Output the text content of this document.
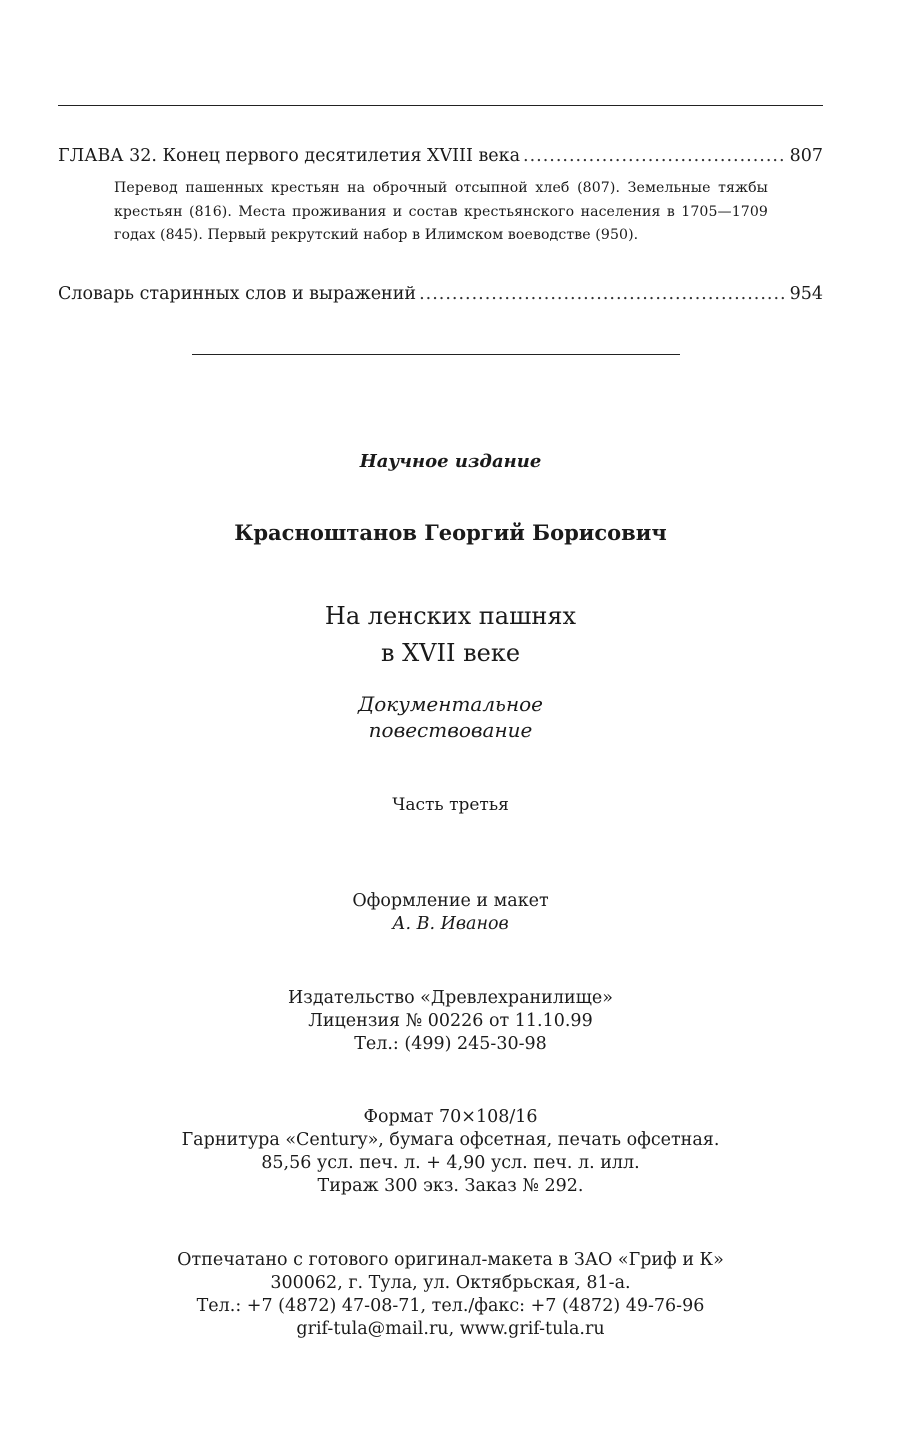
ГЛАВА 32. Конец первого десятилетия XVIII века .....	807
Перевод пашенных крестьян на оброчный отсыпной хлеб (807). Земельные тяжбы крестьян (816). Места проживания и состав крестьянского населения в 1705—1709 годах (845). Первый рекрутский набор в Илимском воеводстве (950).
Словарь старинных слов и выражений .....	954
Научное издание
Красноштанов Георгий Борисович
На ленских пашнях
в XVII веке
Документальное
повествование
Часть третья
Оформление и макет
А. В. Иванов
Издательство «Древлехранилище»
Лицензия № 00226 от 11.10.99
Тел.: (499) 245-30-98
Формат 70×108/16
Гарнитура «Century», бумага офсетная, печать офсетная.
85,56 усл. печ. л. + 4,90 усл. печ. л. илл.
Тираж 300 экз. Заказ № 292.
Отпечатано с готового оригинал-макета в ЗАО «Гриф и К»
300062, г. Тула, ул. Октябрьская, 81-а.
Тел.: +7 (4872) 47-08-71, тел./факс: +7 (4872) 49-76-96
grif-tula@mail.ru, www.grif-tula.ru
